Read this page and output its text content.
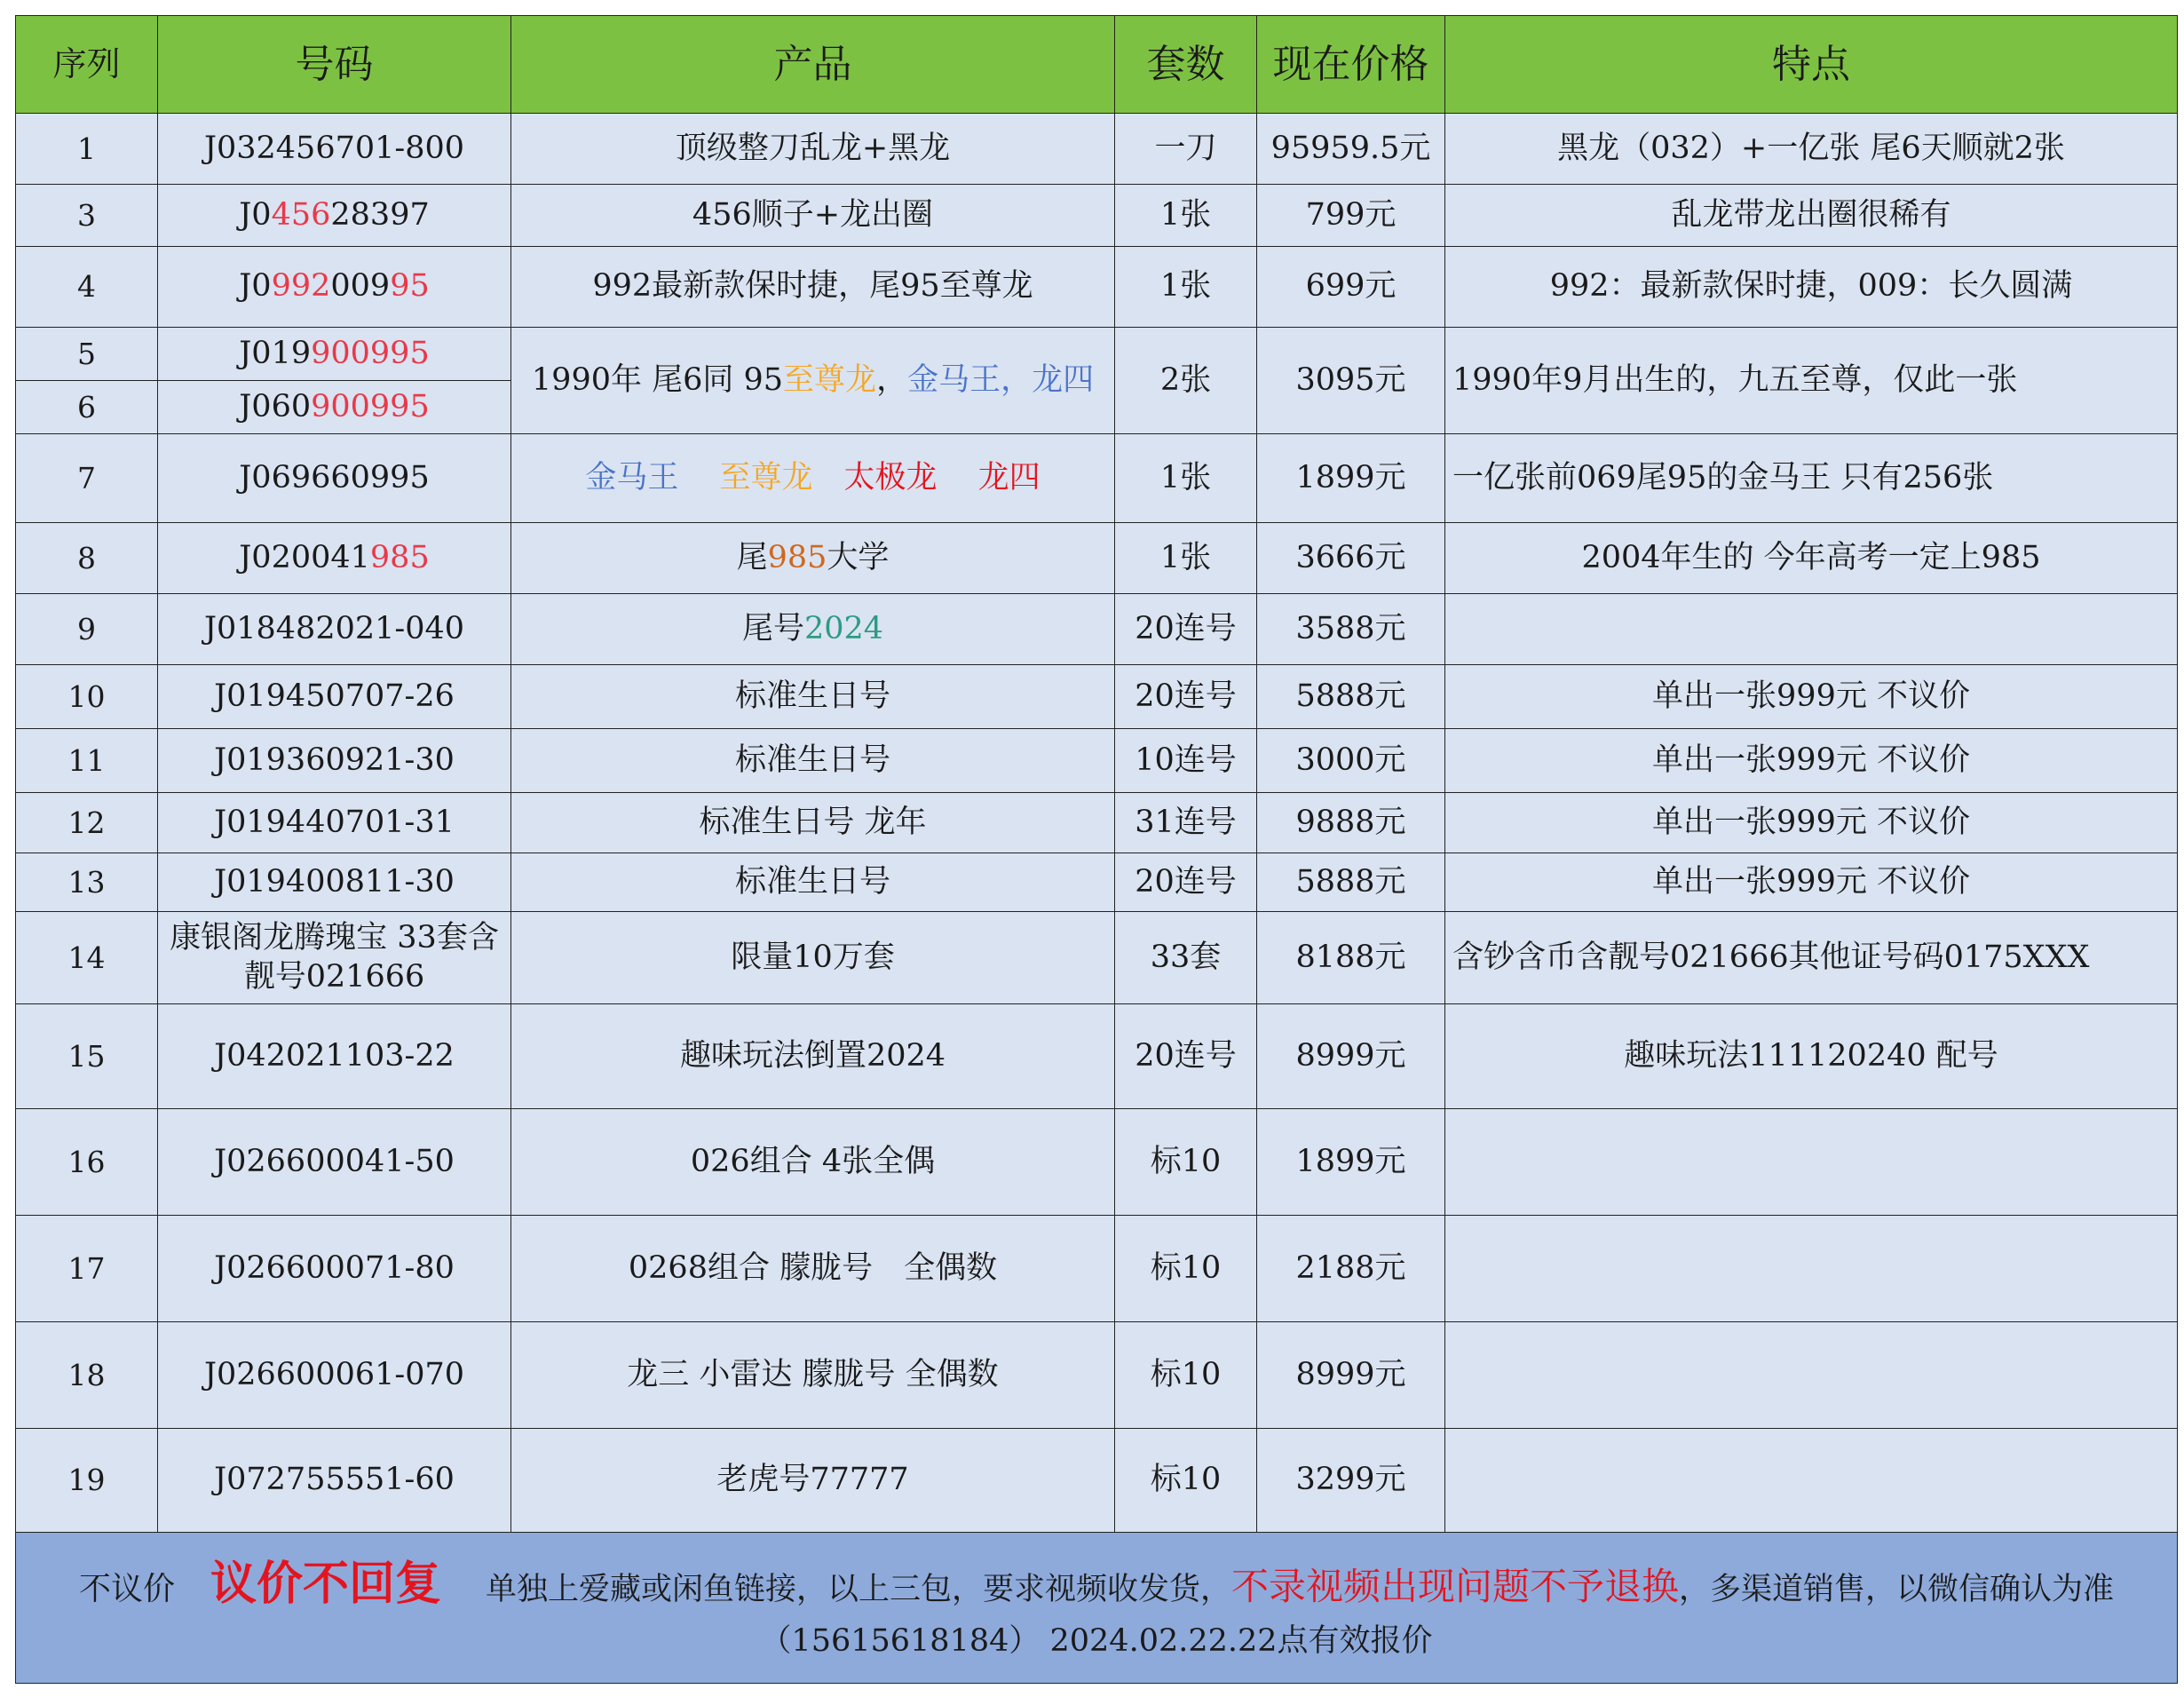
序列	号码	产品	套数	现在价格	特点
1	J032456701-800	顶级整刀乱龙+黑龙	一刀	95959.5元	黑龙（032）+一亿张 尾6天顺就2张
3	J045628397	456顺子+龙出圈	1张	799元	乱龙带龙出圈很稀有
4	J099200995	992最新款保时捷，尾95至尊龙	1张	699元	992：最新款保时捷，009：长久圆满
5	J019900995	1990年 尾6同 95至尊龙，金马王，龙四	2张	3095元	1990年9月出生的，九五至尊，仅此一张
6	J060900995				
7	J069660995	金马王　 至尊龙　 太极龙　 龙四	1张	1899元	一亿张前069尾95的金马王 只有256张
8	J020041985	尾985大学	1张	3666元	2004年生的 今年高考一定上985
9	J018482021-040	尾号2024	20连号	3588元	
10	J019450707-26	标准生日号	20连号	5888元	单出一张999元 不议价
11	J019360921-30	标准生日号	10连号	3000元	单出一张999元 不议价
12	J019440701-31	标准生日号 龙年	31连号	9888元	单出一张999元 不议价
13	J019400811-30	标准生日号	20连号	5888元	单出一张999元 不议价
14	康银阁龙腾瑰宝 33套含靓号021666	限量10万套	33套	8188元	含钞含币含靓号021666其他证号码0175XXX
15	J042021103-22	趣味玩法倒置2024	20连号	8999元	趣味玩法111120240 配号
16	J026600041-50	026组合 4张全偶	标10	1899元	
17	J026600071-80	0268组合 朦胧号　全偶数	标10	2188元	
18	J026600061-070	龙三 小雷达 朦胧号 全偶数	标10	8999元	
19	J072755551-60	老虎号77777	标10	3299元	
不议价 议价不回复 单独上爱藏或闲鱼链接，以上三包，要求视频收发货，不录视频出现问题不予退换，多渠道销售，以微信确认为准（15615618184） 2024.02.22.22点有效报价					
